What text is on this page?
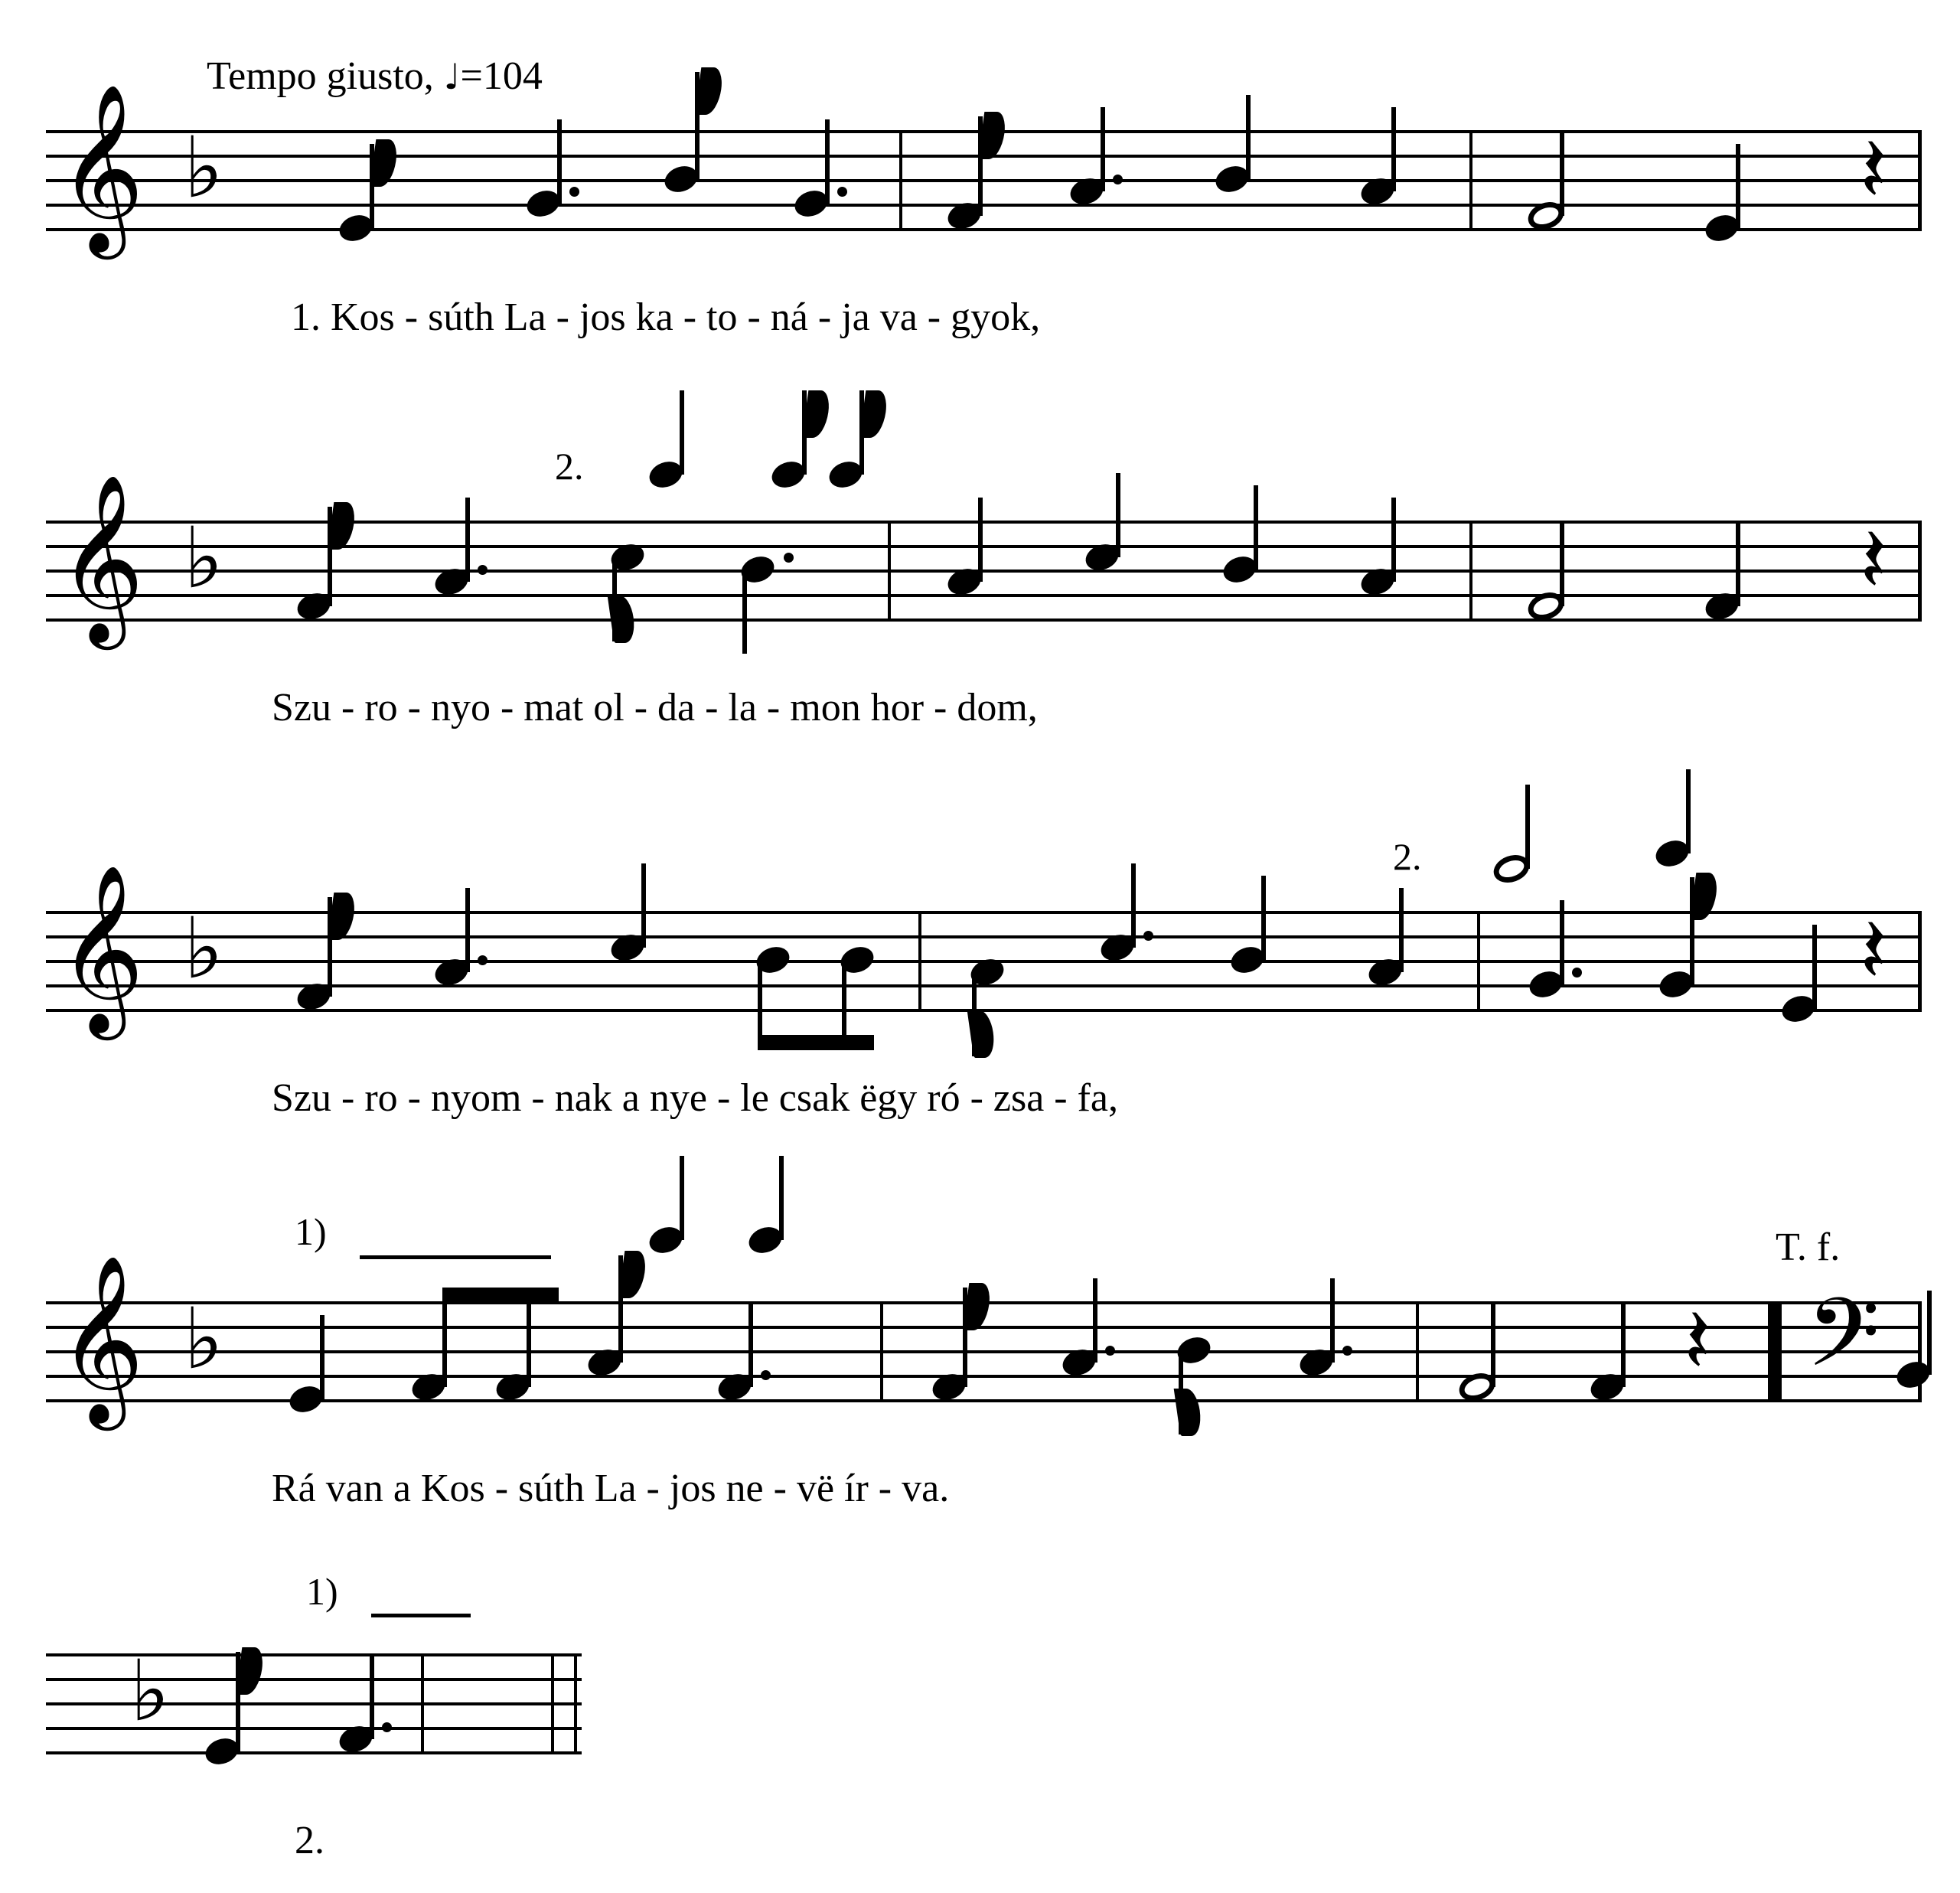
Tempo giusto, ♩=104
𝄞 ♭	𝄽
1. Kos - súth La - jos ka - to - ná - ja va - gyok,
2.
𝄞 ♭	𝄽
Szu - ro - nyo - mat ol - da - la - mon hor - dom,
2.
𝄞 ♭	𝄽
Szu - ro - nyom - nak a nye - le csak ëgy ró - zsa - fa,
1)	T. f.
𝄞 ♭	𝄽 𝄢
Rá van a Kos - súth La - jos ne - vë ír - va.
1)
♭
2.
